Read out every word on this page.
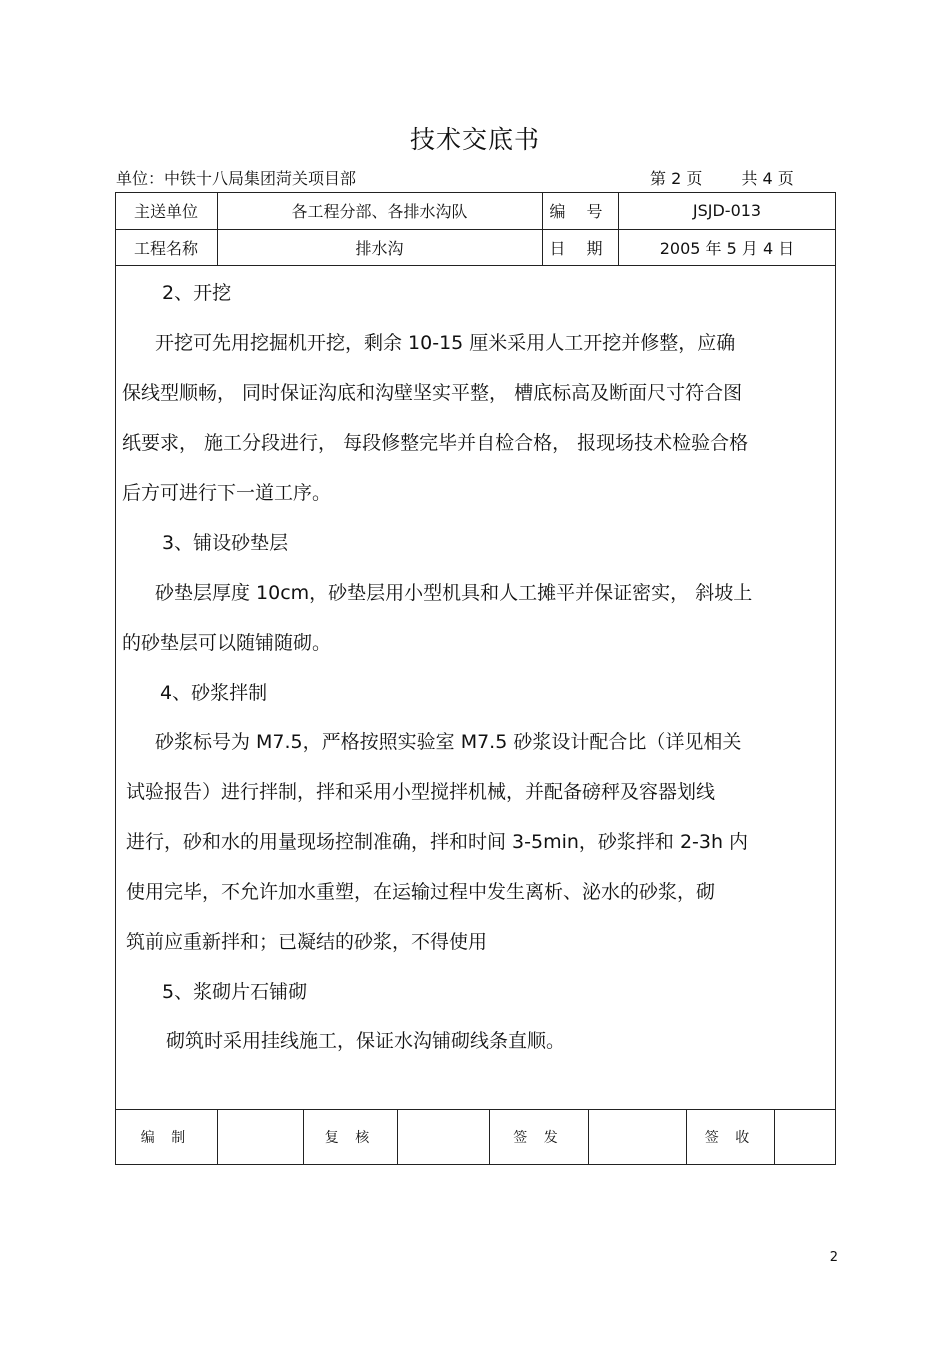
技术交底书
单位：中铁十八局集团菏关项目部	第 2 页 共 4 页
主送单位	各工程分部、各排水沟队	编 号	JSJD-013
工程名称	排水沟	日 期	2005 年 5 月 4 日
2、开挖
开挖可先用挖掘机开挖，剩余 10-15 厘米采用人工开挖并修整，应确
保线型顺畅， 同时保证沟底和沟壁坚实平整， 槽底标高及断面尺寸符合图
纸要求， 施工分段进行， 每段修整完毕并自检合格， 报现场技术检验合格
后方可进行下一道工序。
3、铺设砂垫层
砂垫层厚度 10cm，砂垫层用小型机具和人工摊平并保证密实， 斜坡上
的砂垫层可以随铺随砌。
4、砂浆拌制
砂浆标号为 M7.5，严格按照实验室 M7.5 砂浆设计配合比（详见相关
试验报告）进行拌制，拌和采用小型搅拌机械，并配备磅秤及容器划线
进行，砂和水的用量现场控制准确，拌和时间 3-5min，砂浆拌和 2-3h 内
使用完毕，不允许加水重塑，在运输过程中发生离析、泌水的砂浆，砌
筑前应重新拌和；已凝结的砂浆，不得使用
5、浆砌片石铺砌
砌筑时采用挂线施工，保证水沟铺砌线条直顺。
编 制	复 核	签 发	签 收
2
